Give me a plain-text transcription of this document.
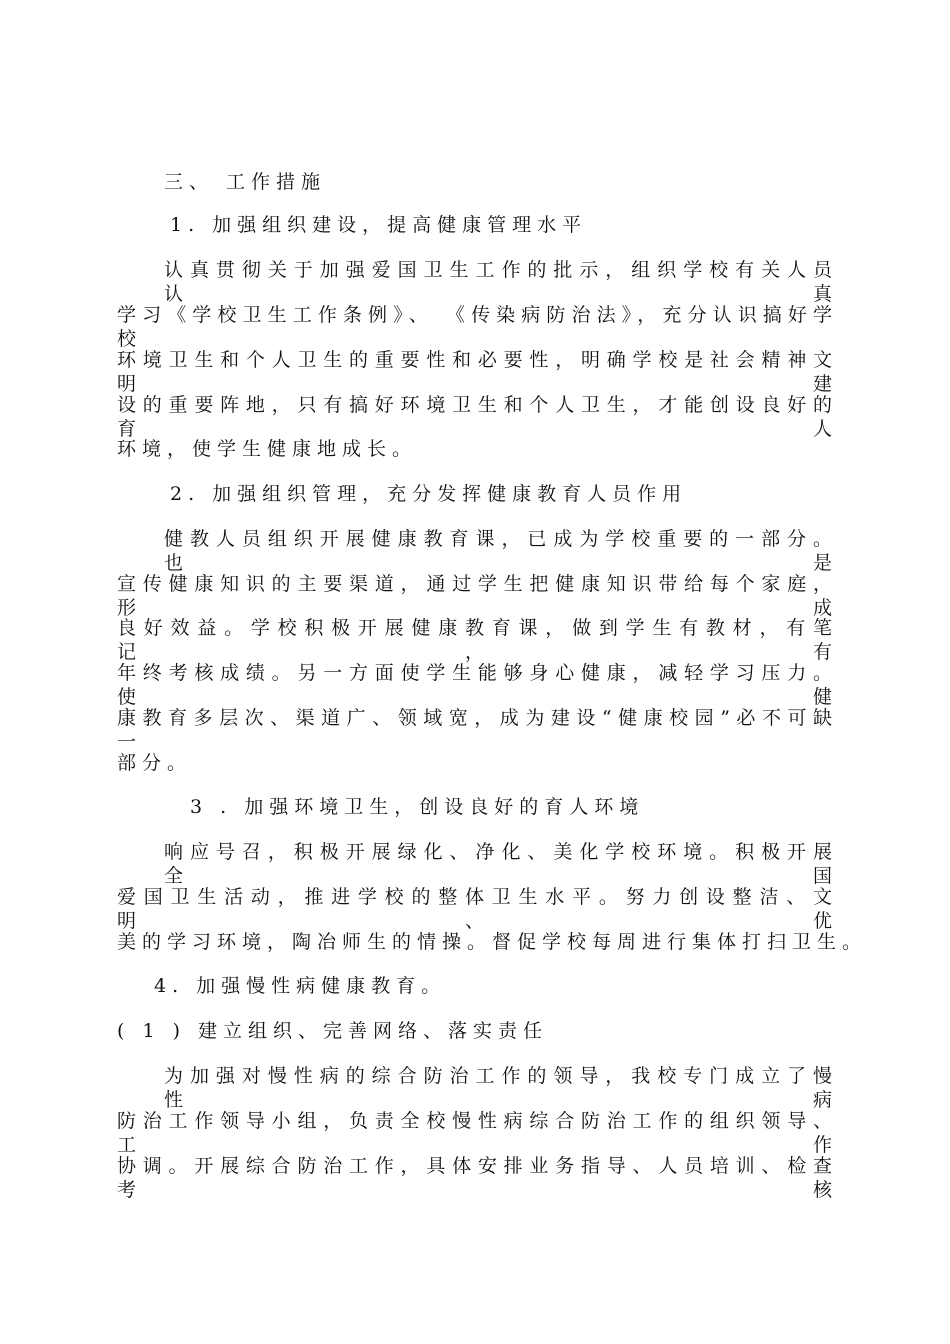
三、 工作措施
1. 加强组织建设，提高健康管理水平
认真贯彻关于加强爱国卫生工作的批示，组织学校有关人员认真
学习《学校卫生工作条例》、 《传染病防治法》，充分认识搞好学校
环境卫生和个人卫生的重要性和必要性，明确学校是社会精神文明建
设的重要阵地，只有搞好环境卫生和个人卫生，才能创设良好的育人
环境，使学生健康地成长。
2. 加强组织管理，充分发挥健康教育人员作用
健教人员组织开展健康教育课，已成为学校重要的一部分。也是
宣传健康知识的主要渠道，通过学生把健康知识带给每个家庭，形成
良好效益。学校积极开展健康教育课，做到学生有教材，有笔记，有
年终考核成绩。另一方面使学生能够身心健康，减轻学习压力。使健
康教育多层次、渠道广、领域宽，成为建设“健康校园”必不可缺一
部分。
3 . 加强环境卫生，创设良好的育人环境
响应号召，积极开展绿化、净化、美化学校环境。积极开展全国
爱国卫生活动，推进学校的整体卫生水平。努力创设整洁、文明、优
美的学习环境，陶冶师生的情操。督促学校每周进行集体打扫卫生。
4. 加强慢性病健康教育。
( 1 ) 建立组织、完善网络、落实责任
为加强对慢性病的综合防治工作的领导，我校专门成立了慢性病
防治工作领导小组，负责全校慢性病综合防治工作的组织领导、工作
协调。开展综合防治工作，具体安排业务指导、人员培训、检查考核
